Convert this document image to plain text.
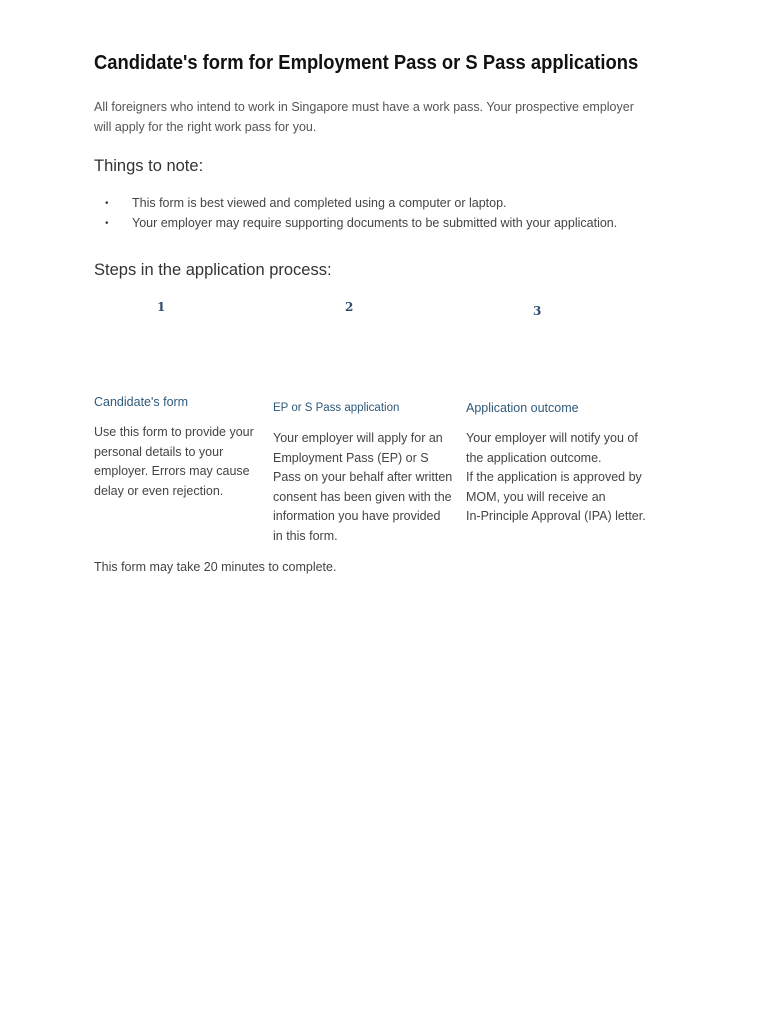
Candidate's form for Employment Pass or S Pass applications

All foreigners who intend to work in Singapore must have a work pass. Your prospective employer will apply for the right work pass for you.

Things to note:
• This form is best viewed and completed using a computer or laptop.
• Your employer may require supporting documents to be submitted with your application.
Steps in the application process:
1	2	3
Candidate's form

Use this form to provide your personal details to your employer. Errors may cause delay or even rejection.

EP or S Pass application

Your employer will apply for an Employment Pass (EP) or S Pass on your behalf after written consent has been given with the information you have provided in this form.

Application outcome

Your employer will notify you of
the application outcome.
If the application is approved by
MOM, you will receive an
In-Principle Approval (IPA) letter.

This form may take 20 minutes to complete.
